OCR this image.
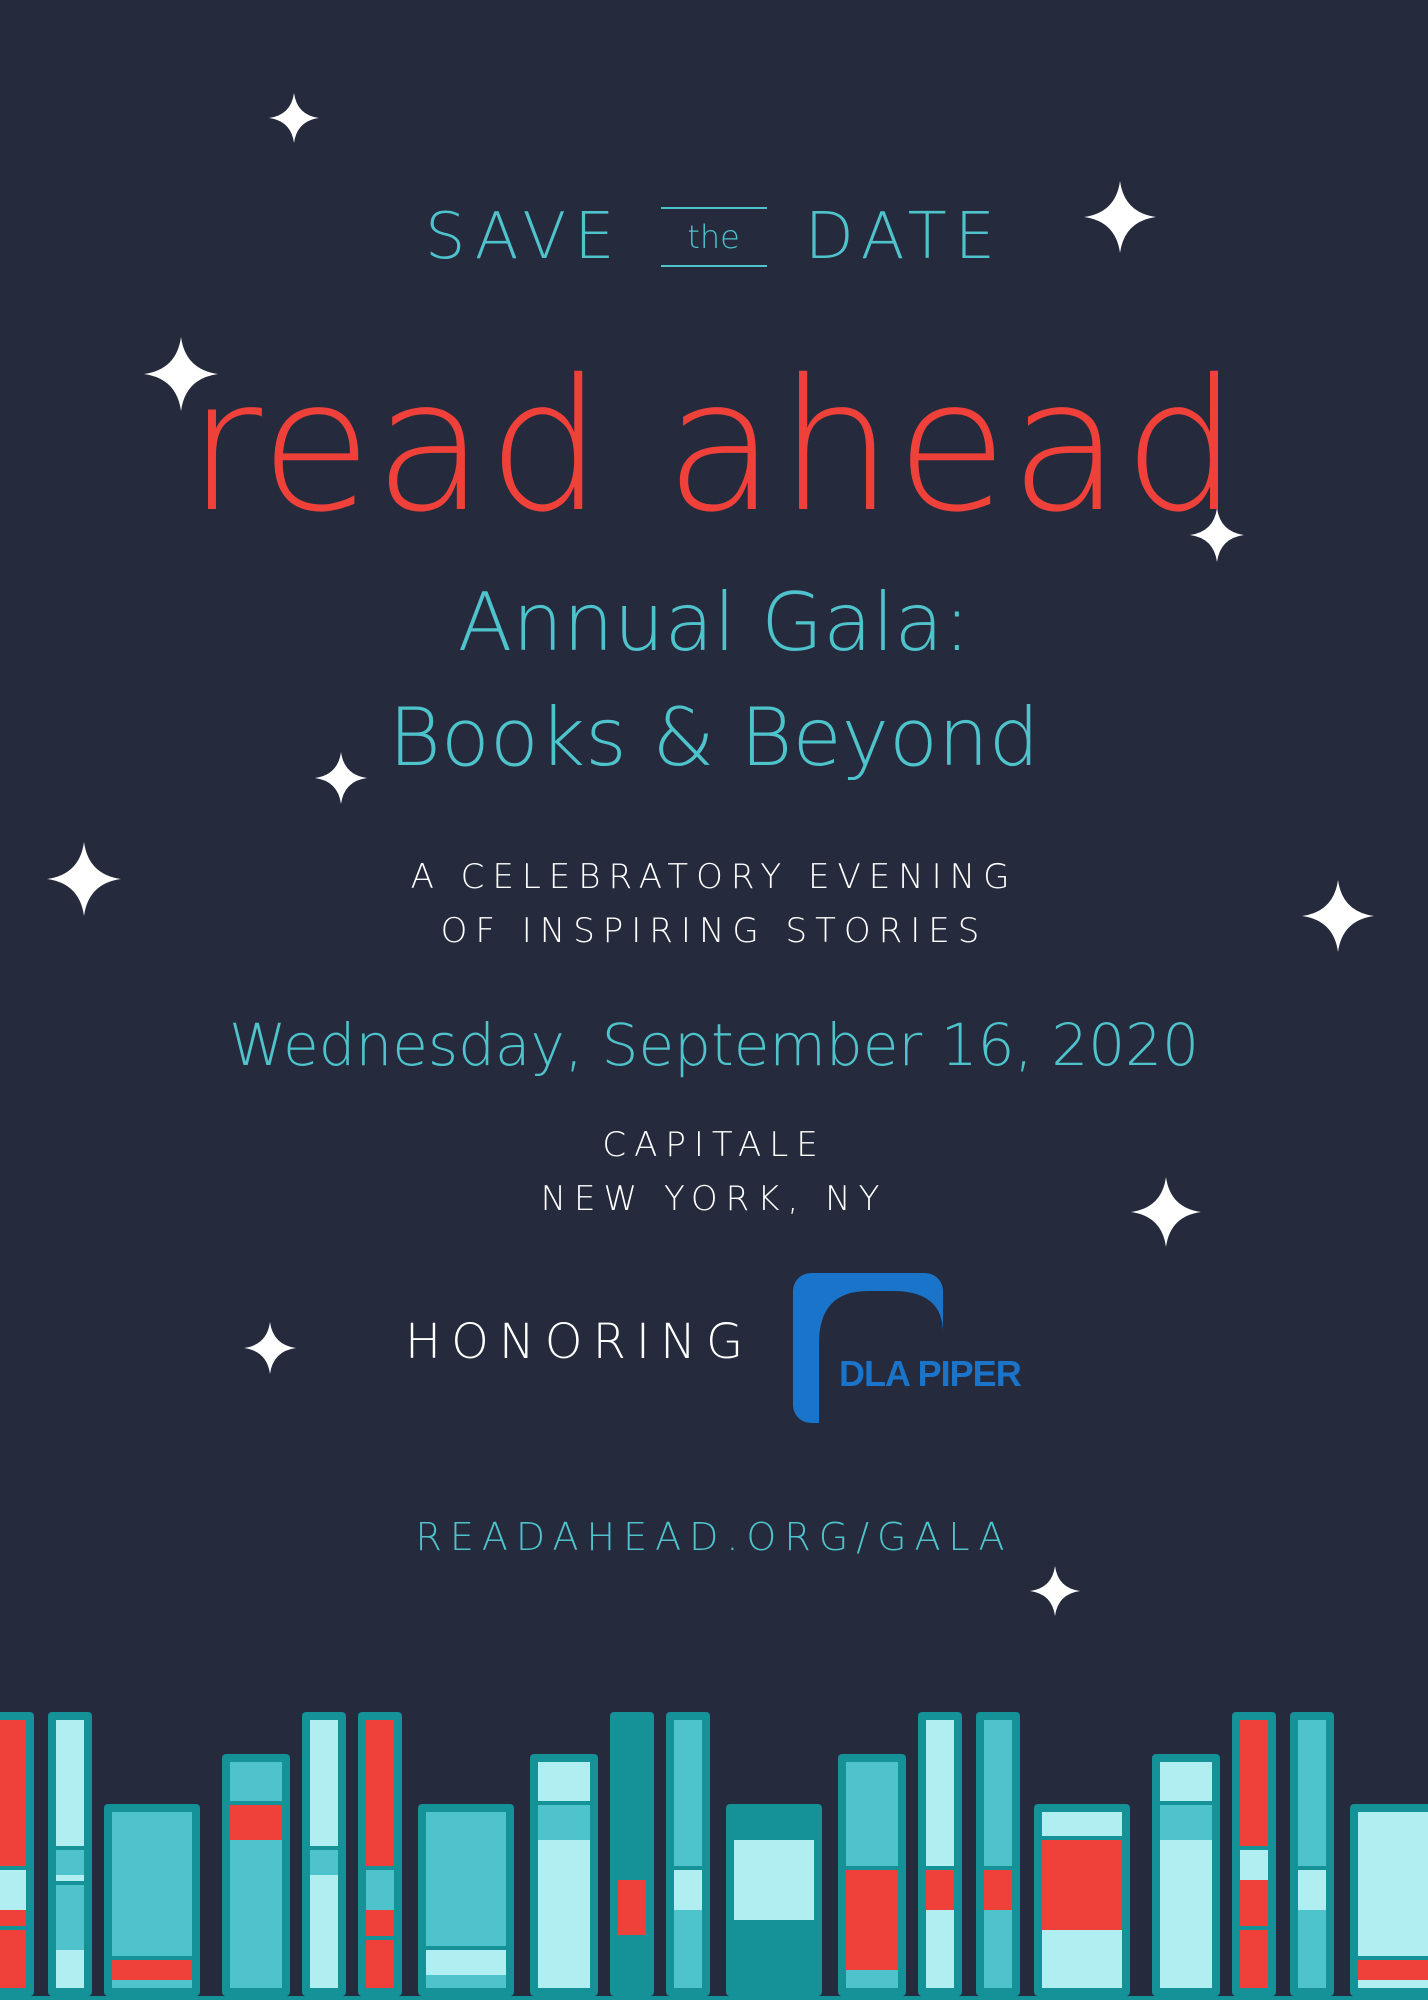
SAVE	the	DATE
read ahead
Annual Gala:
Books & Beyond
A CELEBRATORY EVENING
OF INSPIRING STORIES
Wednesday, September 16, 2020
CAPITALE
NEW YORK, NY
HONORING
DLA PIPER
READAHEAD.ORG/GALA
